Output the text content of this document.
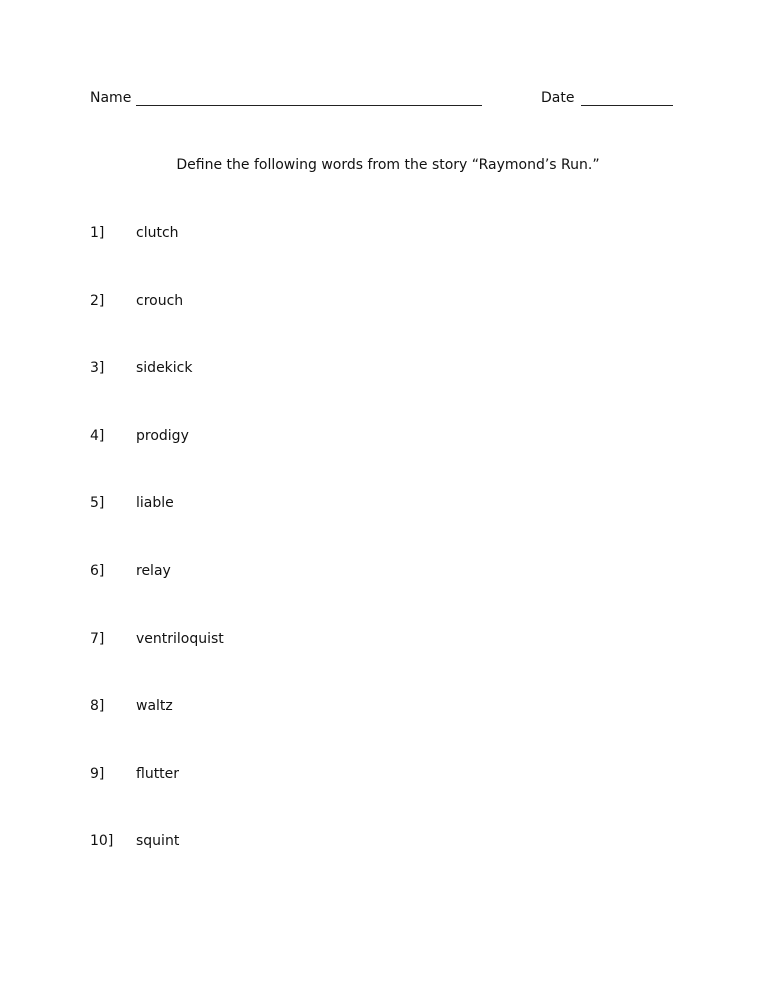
Name	Date
Define the following words from the story “Raymond’s Run.”
1] clutch
2] crouch
3] sidekick
4] prodigy
5] liable
6] relay
7] ventriloquist
8] waltz
9] flutter
10] squint
